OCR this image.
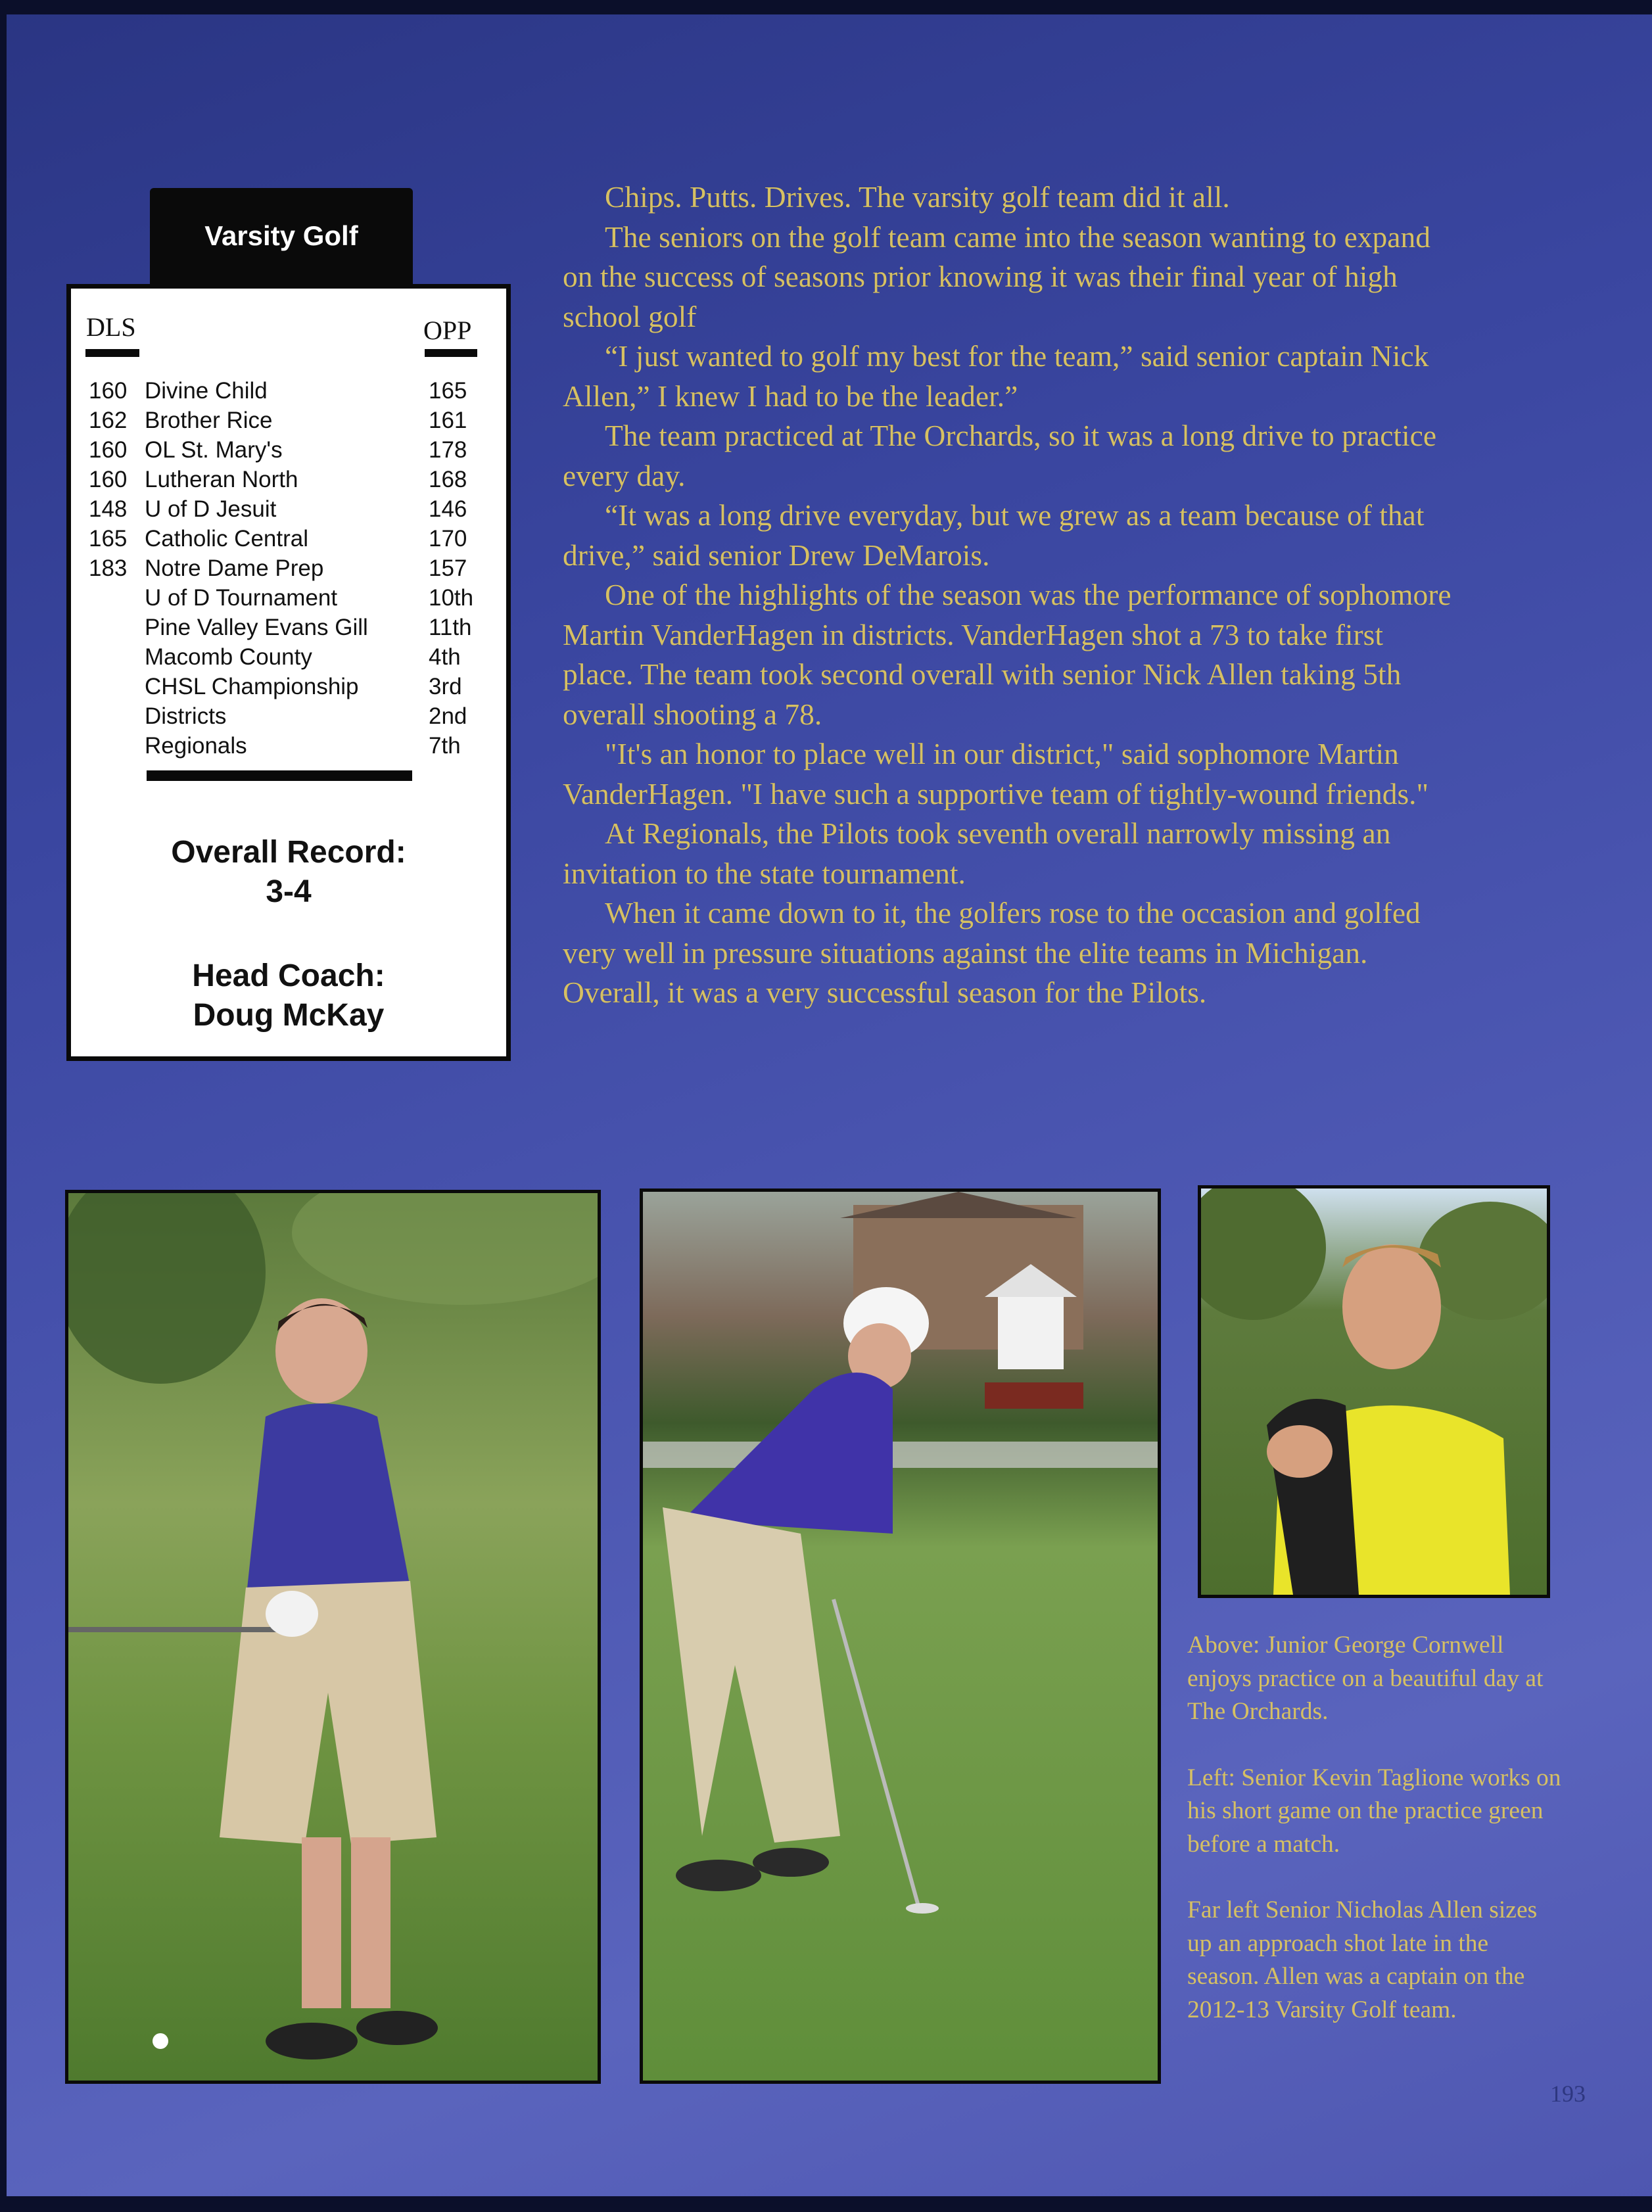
Varsity Golf
DLS	OPP
160 Divine Child	165
162 Brother Rice	161
160 OL St. Mary's	178
160 Lutheran North	168
148 U of D Jesuit	146
165 Catholic Central	170
183 Notre Dame Prep	157
U of D Tournament	10th
Pine Valley Evans Gill	11th
Macomb County	4th
CHSL Championship	3rd
Districts	2nd
Regionals	7th
Overall Record:
3-4
Head Coach:
Doug McKay

Chips. Putts. Drives. The varsity golf team did it all.

The seniors on the golf team came into the season wanting to expand on the success of seasons prior knowing it was their final year of high school golf

“I just wanted to golf my best for the team,” said senior captain Nick Allen,” I knew I had to be the leader.”

The team practiced at The Orchards, so it was a long drive to practice every day.

“It was a long drive everyday, but we grew as a team because of that drive,” said senior Drew DeMarois.

One of the highlights of the season was the performance of sophomore Martin VanderHagen in districts. VanderHagen shot a 73 to take first place. The team took second overall with senior Nick Allen taking 5th overall shooting a 78.

"It's an honor to place well in our district," said sophomore Martin VanderHagen. "I have such a supportive team of tightly-wound friends."

At Regionals, the Pilots took seventh overall narrowly missing an invitation to the state tournament.

When it came down to it, the golfers rose to the occasion and golfed very well in pressure situations against the elite teams in Michigan. Overall, it was a very successful season for the Pilots.

Above: Junior George Cornwell enjoys practice on a beautiful day at The Orchards.

Left: Senior Kevin Taglione works on his short game on the practice green before a match.

Far left Senior Nicholas Allen sizes up an approach shot late in the season. Allen was a captain on the 2012-13 Varsity Golf team.

193
